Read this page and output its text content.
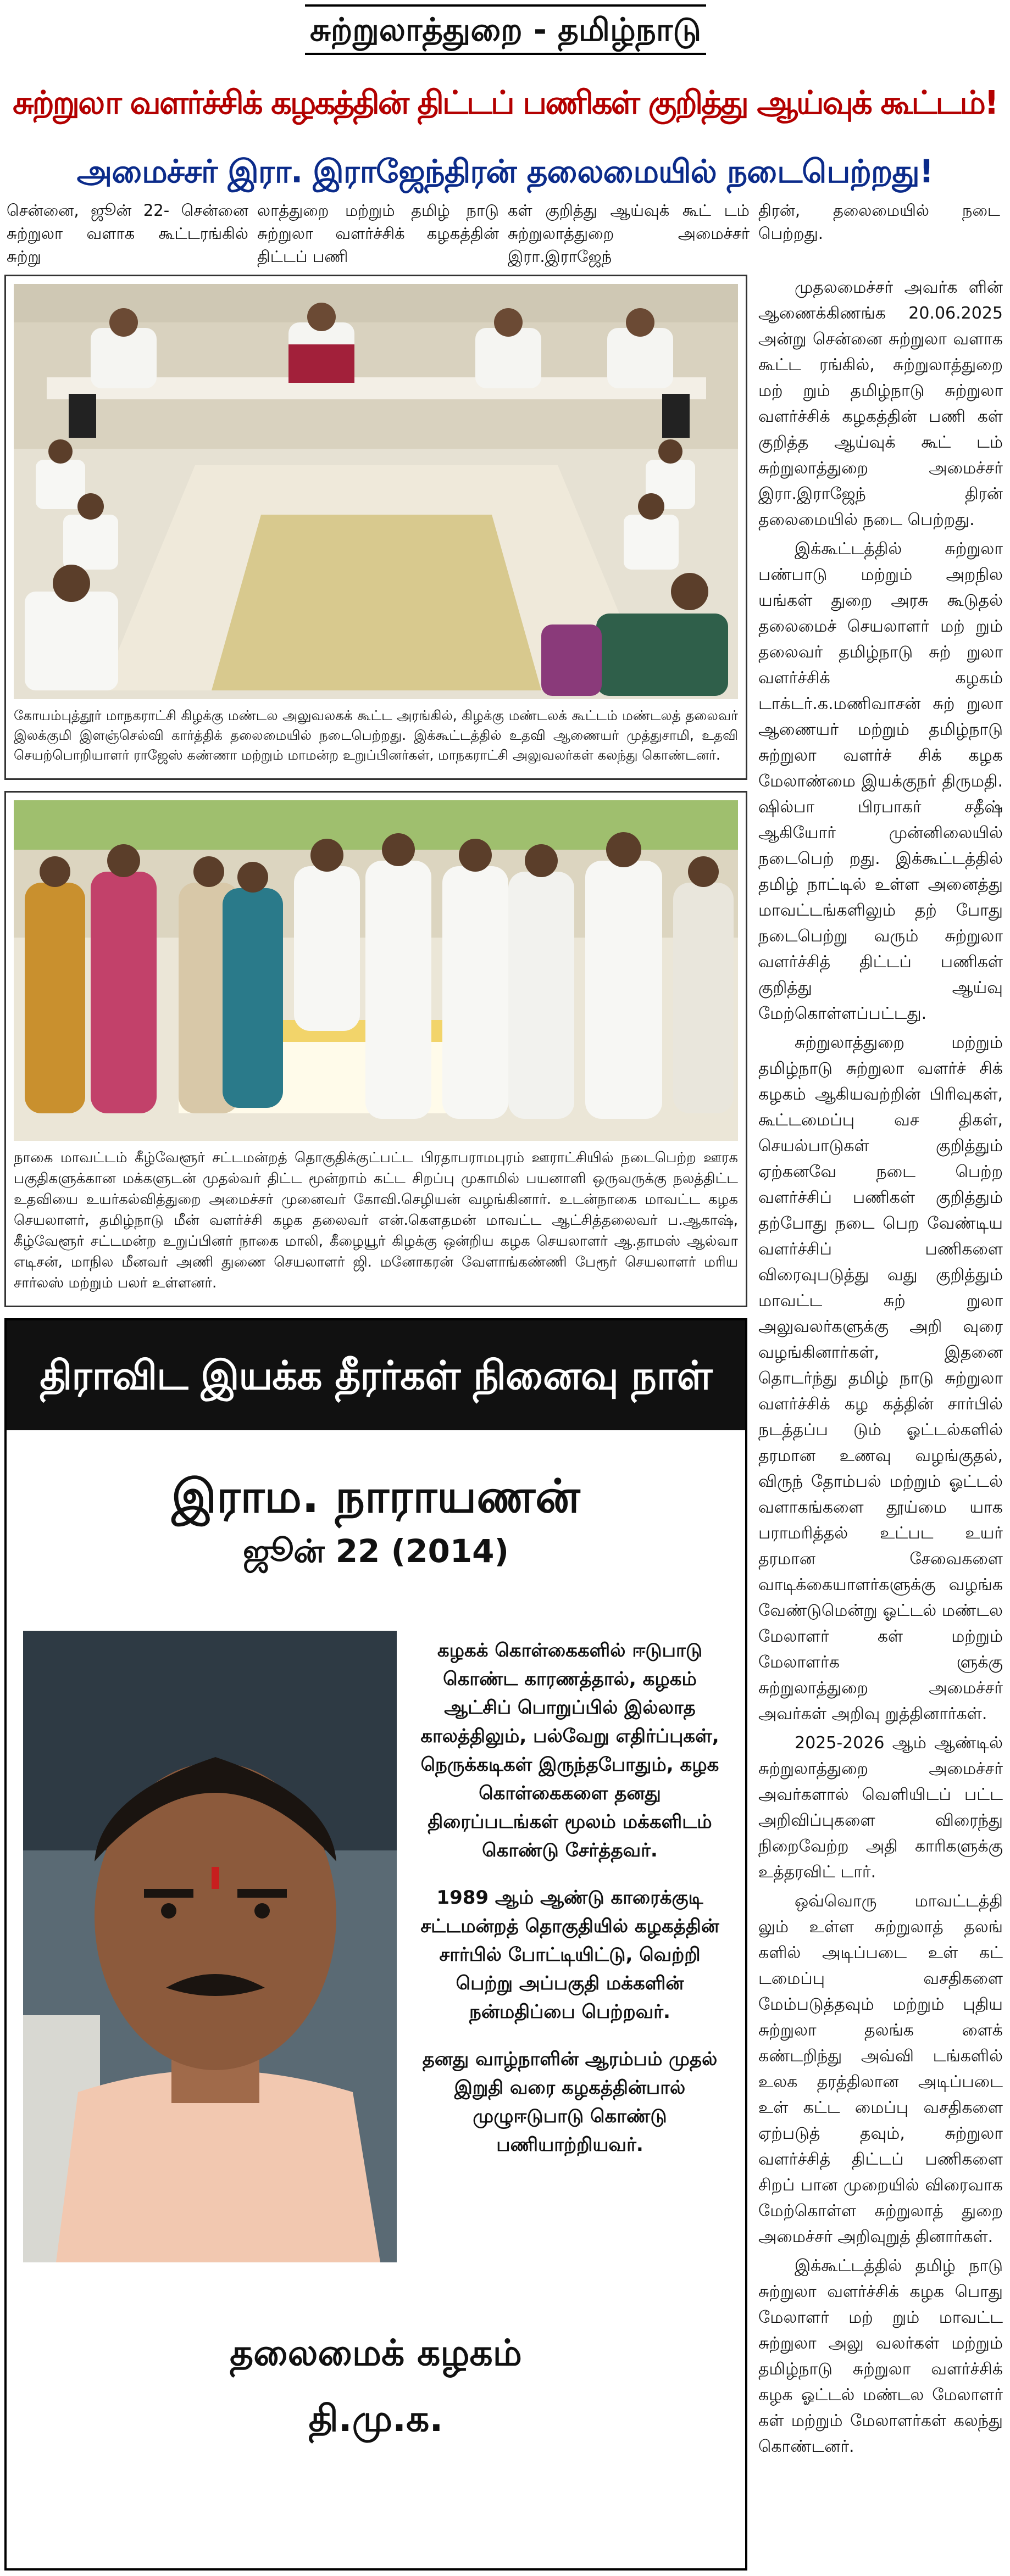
சுற்றுலாத்துறை - தமிழ்நாடு
சுற்றுலா வளர்ச்சிக் கழகத்தின் திட்டப் பணிகள் குறித்து ஆய்வுக் கூட்டம்!
அமைச்சர் இரா. இராஜேந்திரன் தலைமையில் நடைபெற்றது!
சென்னை, ஜூன் 22- சென்னை சுற்றுலா வளாக கூட்டரங்கில் சுற்று
லாத்துறை மற்றும் தமிழ் நாடு சுற்றுலா வளர்ச்சிக் கழகத்தின் திட்டப் பணி
கள் குறித்து ஆய்வுக் கூட் டம் சுற்றுலாத்துறை அமைச்சர் இரா.இராஜேந்
திரன், தலைமையில் நடை பெற்றது.
கோயம்புத்தூர் மாநகராட்சி கிழக்கு மண்டல அலுவலகக் கூட்ட அரங்கில், கிழக்கு மண்டலக் கூட்டம் மண்டலத் தலைவர் இலக்குமி இளஞ்செல்வி கார்த்திக் தலைமையில் நடைபெற்றது. இக்கூட்டத்தில் உதவி ஆணையர் முத்துசாமி, உதவி செயற்பொறியாளர் ராஜேஸ் கண்ணா மற்றும் மாமன்ற உறுப்பினர்கள், மாநகராட்சி அலுவலர்கள் கலந்து கொண்டனர்.
நாகை மாவட்டம் கீழ்வேளூர் சட்டமன்றத் தொகுதிக்குட்பட்ட பிரதாபராமபுரம் ஊராட்சியில் நடைபெற்ற ஊரக பகுதிகளுக்கான மக்களுடன் முதல்வர் திட்ட மூன்றாம் கட்ட சிறப்பு முகாமில் பயனாளி ஒருவருக்கு நலத்திட்ட உதவியை உயர்கல்வித்துறை அமைச்சர் முனைவர் கோவி.செழியன் வழங்கினார். உடன்நாகை மாவட்ட கழக செயலாளர், தமிழ்நாடு மீன் வளர்ச்சி கழக தலைவர் என்.கௌதமன் மாவட்ட ஆட்சித்தலைவர் ப.ஆகாஷ், கீழ்வேளூர் சட்டமன்ற உறுப்பினர் நாகை மாலி, கீழையூர் கிழக்கு ஒன்றிய கழக செயலாளர் ஆ.தாமஸ் ஆல்வா எடிசன், மாநில மீனவர் அணி துணை செயலாளர் ஜி. மனோகரன் வேளாங்கண்ணி பேரூர் செயலாளர் மரிய சார்லஸ் மற்றும் பலர் உள்ளனர்.
திராவிட இயக்க தீரர்கள் நினைவு நாள்
இராம. நாராயணன்
ஜூன் 22 (2014)

கழகக் கொள்கைகளில் ஈடுபாடு கொண்ட காரணத்தால், கழகம் ஆட்சிப் பொறுப்பில் இல்லாத காலத்திலும், பல்வேறு எதிர்ப்புகள், நெருக்கடிகள் இருந்தபோதும், கழக கொள்கைகளை தனது திரைப்படங்கள் மூலம் மக்களிடம் கொண்டு சேர்த்தவர்.

1989 ஆம் ஆண்டு காரைக்குடி சட்டமன்றத் தொகுதியில் கழகத்தின் சார்பில் போட்டியிட்டு, வெற்றி பெற்று அப்பகுதி மக்களின் நன்மதிப்பை பெற்றவர்.

தனது வாழ்நாளின் ஆரம்பம் முதல் இறுதி வரை கழகத்தின்பால் முழுஈடுபாடு கொண்டு பணியாற்றியவர்.

தலைமைக் கழகம்
தி.மு.க.

முதலமைச்சர் அவர்க ளின் ஆணைக்கிணங்க 20.06.2025 அன்று சென்னை சுற்றுலா வளாக கூட்ட ரங்கில், சுற்றுலாத்துறை மற் றும் தமிழ்நாடு சுற்றுலா வளர்ச்சிக் கழகத்தின் பணி கள் குறித்த ஆய்வுக் கூட் டம் சுற்றுலாத்துறை அமைச்சர் இரா.இராஜேந் திரன் தலைமையில் நடை பெற்றது.

இக்கூட்டத்தில் சுற்றுலா பண்பாடு மற்றும் அறநில யங்கள் துறை அரசு கூடுதல் தலைமைச் செயலாளர் மற் றும் தலைவர் தமிழ்நாடு சுற் றுலா வளர்ச்சிக் கழகம் டாக்டர்.க.மணிவாசன் சுற் றுலா ஆணையர் மற்றும் தமிழ்நாடு சுற்றுலா வளர்ச் சிக் கழக மேலாண்மை இயக்குநர் திருமதி. ஷில்பா பிரபாகர் சதீஷ் ஆகியோர் முன்னிலையில் நடைபெற் றது. இக்கூட்டத்தில் தமிழ் நாட்டில் உள்ள அனைத்து மாவட்டங்களிலும் தற் போது நடைபெற்று வரும் சுற்றுலா வளர்ச்சித் திட்டப் பணிகள் குறித்து ஆய்வு மேற்கொள்ளப்பட்டது.

சுற்றுலாத்துறை மற்றும் தமிழ்நாடு சுற்றுலா வளர்ச் சிக் கழகம் ஆகியவற்றின் பிரிவுகள், கூட்டமைப்பு வச திகள், செயல்பாடுகள் குறித்தும் ஏற்கனவே நடை பெற்ற வளர்ச்சிப் பணிகள் குறித்தும் தற்போது நடை பெற வேண்டிய வளர்ச்சிப் பணிகளை விரைவுபடுத்து வது குறித்தும் மாவட்ட சுற் றுலா அலுவலர்களுக்கு அறி வுரை வழங்கினார்கள், இதனை தொடர்ந்து தமிழ் நாடு சுற்றுலா வளர்ச்சிக் கழ கத்தின் சார்பில் நடத்தப்ப டும் ஓட்டல்களில் தரமான உணவு வழங்குதல், விருந் தோம்பல் மற்றும் ஓட்டல் வளாகங்களை தூய்மை யாக பராமரித்தல் உட்பட உயர் தரமான சேவைகளை வாடிக்கையாளர்களுக்கு வழங்க வேண்டுமென்று ஓட்டல் மண்டல மேலாளர் கள் மற்றும் மேலாளர்க ளுக்கு சுற்றுலாத்துறை அமைச்சர் அவர்கள் அறிவு றுத்தினார்கள்.

2025-2026 ஆம் ஆண்டில் சுற்றுலாத்துறை அமைச்சர் அவர்களால் வெளியிடப் பட்ட அறிவிப்புகளை விரைந்து நிறைவேற்ற அதி காரிகளுக்கு உத்தரவிட் டார்.

ஒவ்வொரு மாவட்டத்தி லும் உள்ள சுற்றுலாத் தலங் களில் அடிப்படை உள் கட் டமைப்பு வசதிகளை மேம்படுத்தவும் மற்றும் புதிய சுற்றுலா தலங்க ளைக் கண்டறிந்து அவ்வி டங்களில் உலக தரத்திலான அடிப்படை உள் கட்ட மைப்பு வசதிகளை ஏற்படுத் தவும், சுற்றுலா வளர்ச்சித் திட்டப் பணிகளை சிறப் பான முறையில் விரைவாக மேற்கொள்ள சுற்றுலாத் துறை அமைச்சர் அறிவுறுத் தினார்கள்.

இக்கூட்டத்தில் தமிழ் நாடு சுற்றுலா வளர்ச்சிக் கழக பொது மேலாளர் மற் றும் மாவட்ட சுற்றுலா அலு வலர்கள் மற்றும் தமிழ்நாடு சுற்றுலா வளர்ச்சிக் கழக ஓட்டல் மண்டல மேலாளர் கள் மற்றும் மேலாளர்கள் கலந்து கொண்டனர்.
